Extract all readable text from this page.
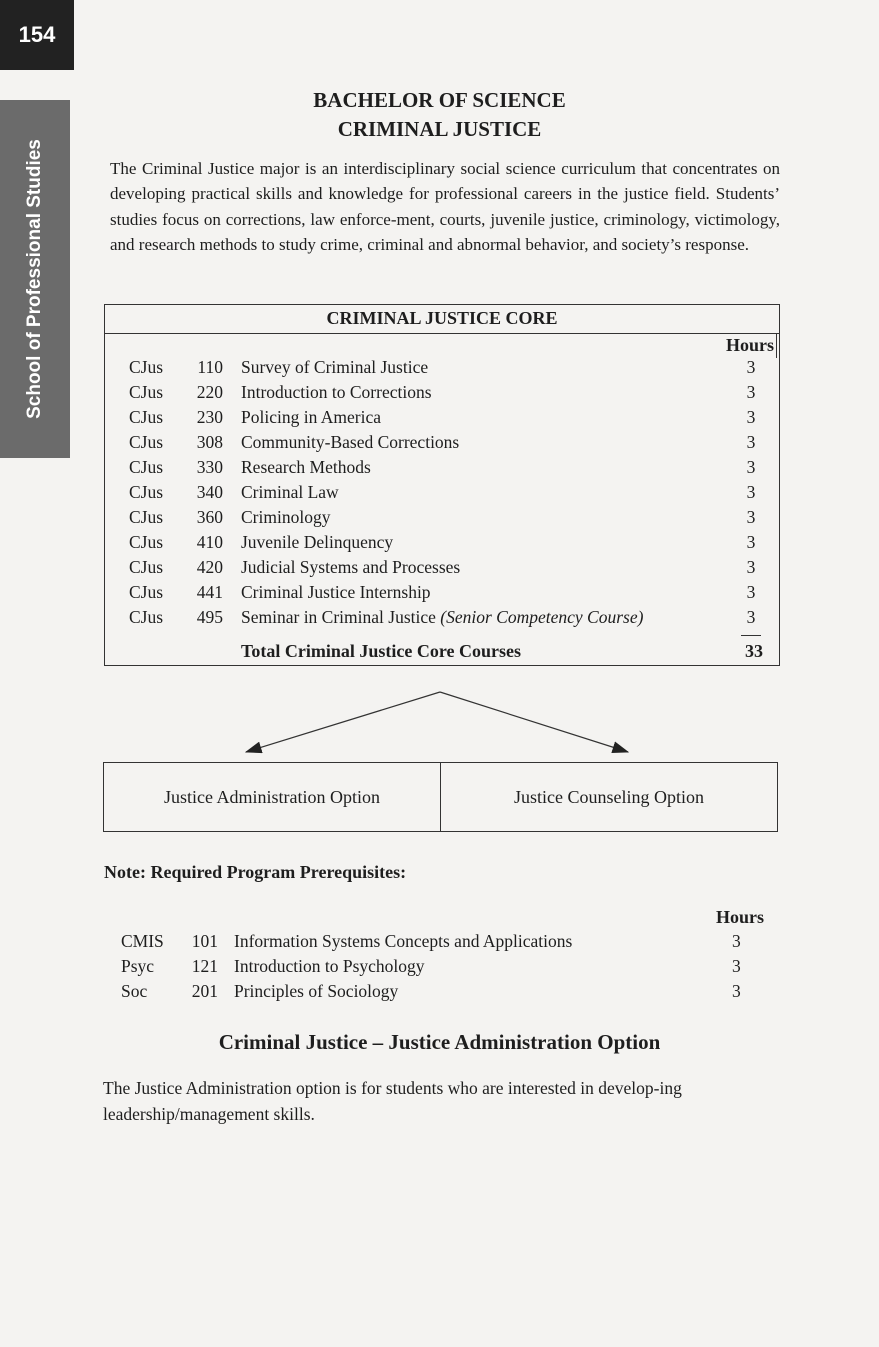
154
School of Professional Studies
BACHELOR OF SCIENCE
CRIMINAL JUSTICE
The Criminal Justice major is an interdisciplinary social science curriculum that concentrates on developing practical skills and knowledge for professional careers in the justice field. Students’ studies focus on corrections, law enforce-ment, courts, juvenile justice, criminology, victimology, and research methods to study crime, criminal and abnormal behavior, and society’s response.
CRIMINAL JUSTICE CORE
Hours
CJus	110 Survey of Criminal Justice	3
CJus	220 Introduction to Corrections	3
CJus	230 Policing in America	3
CJus	308 Community-Based Corrections	3
CJus	330 Research Methods	3
CJus	340 Criminal Law	3
CJus	360 Criminology	3
CJus	410 Juvenile Delinquency	3
CJus	420 Judicial Systems and Processes	3
CJus	441 Criminal Justice Internship	3
CJus	495 Seminar in Criminal Justice (Senior Competency Course)	3
Total Criminal Justice Core Courses	33
Justice Administration Option	Justice Counseling Option
Note: Required Program Prerequisites:
Hours
CMIS	101 Information Systems Concepts and Applications	3
Psyc	121 Introduction to Psychology	3
Soc	201 Principles of Sociology	3
Criminal Justice – Justice Administration Option
The Justice Administration option is for students who are interested in develop-ing leadership/management skills.
